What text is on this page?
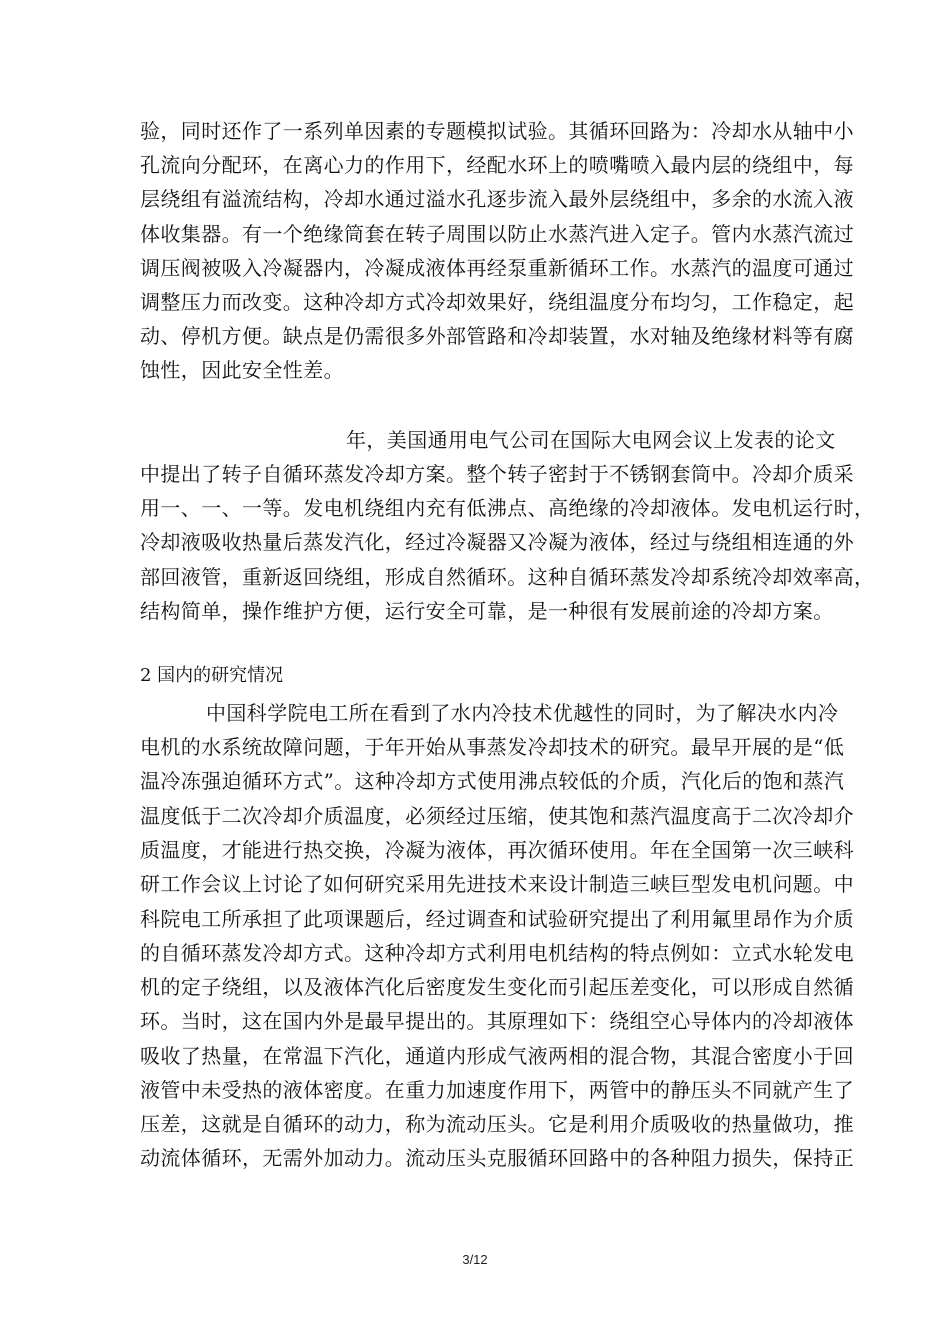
验，同时还作了一系列单因素的专题模拟试验。其循环回路为：冷却水从轴中小
孔流向分配环，在离心力的作用下，经配水环上的喷嘴喷入最内层的绕组中，每
层绕组有溢流结构，冷却水通过溢水孔逐步流入最外层绕组中，多余的水流入液
体收集器。有一个绝缘筒套在转子周围以防止水蒸汽进入定子。管内水蒸汽流过
调压阀被吸入冷凝器内，冷凝成液体再经泵重新循环工作。水蒸汽的温度可通过
调整压力而改变。这种冷却方式冷却效果好，绕组温度分布均匀，工作稳定，起
动、停机方便。缺点是仍需很多外部管路和冷却装置，水对轴及绝缘材料等有腐
蚀性，因此安全性差。
年，美国通用电气公司在国际大电网会议上发表的论文
中提出了转子自循环蒸发冷却方案。整个转子密封于不锈钢套筒中。冷却介质采
用一、一、一等。发电机绕组内充有低沸点、高绝缘的冷却液体。发电机运行时，
冷却液吸收热量后蒸发汽化，经过冷凝器又冷凝为液体，经过与绕组相连通的外
部回液管，重新返回绕组，形成自然循环。这种自循环蒸发冷却系统冷却效率高，
结构简单，操作维护方便，运行安全可靠，是一种很有发展前途的冷却方案。
2 国内的研究情况
中国科学院电工所在看到了水内冷技术优越性的同时，为了解决水内冷
电机的水系统故障问题，于年开始从事蒸发冷却技术的研究。最早开展的是“低
温冷冻强迫循环方式”。这种冷却方式使用沸点较低的介质，汽化后的饱和蒸汽
温度低于二次冷却介质温度，必须经过压缩，使其饱和蒸汽温度高于二次冷却介
质温度，才能进行热交换，冷凝为液体，再次循环使用。年在全国第一次三峡科
研工作会议上讨论了如何研究采用先进技术来设计制造三峡巨型发电机问题。中
科院电工所承担了此项课题后，经过调查和试验研究提出了利用氟里昂作为介质
的自循环蒸发冷却方式。这种冷却方式利用电机结构的特点例如：立式水轮发电
机的定子绕组，以及液体汽化后密度发生变化而引起压差变化，可以形成自然循
环。当时，这在国内外是最早提出的。其原理如下：绕组空心导体内的冷却液体
吸收了热量，在常温下汽化，通道内形成气液两相的混合物，其混合密度小于回
液管中未受热的液体密度。在重力加速度作用下，两管中的静压头不同就产生了
压差，这就是自循环的动力，称为流动压头。它是利用介质吸收的热量做功，推
动流体循环，无需外加动力。流动压头克服循环回路中的各种阻力损失，保持正
3/12
